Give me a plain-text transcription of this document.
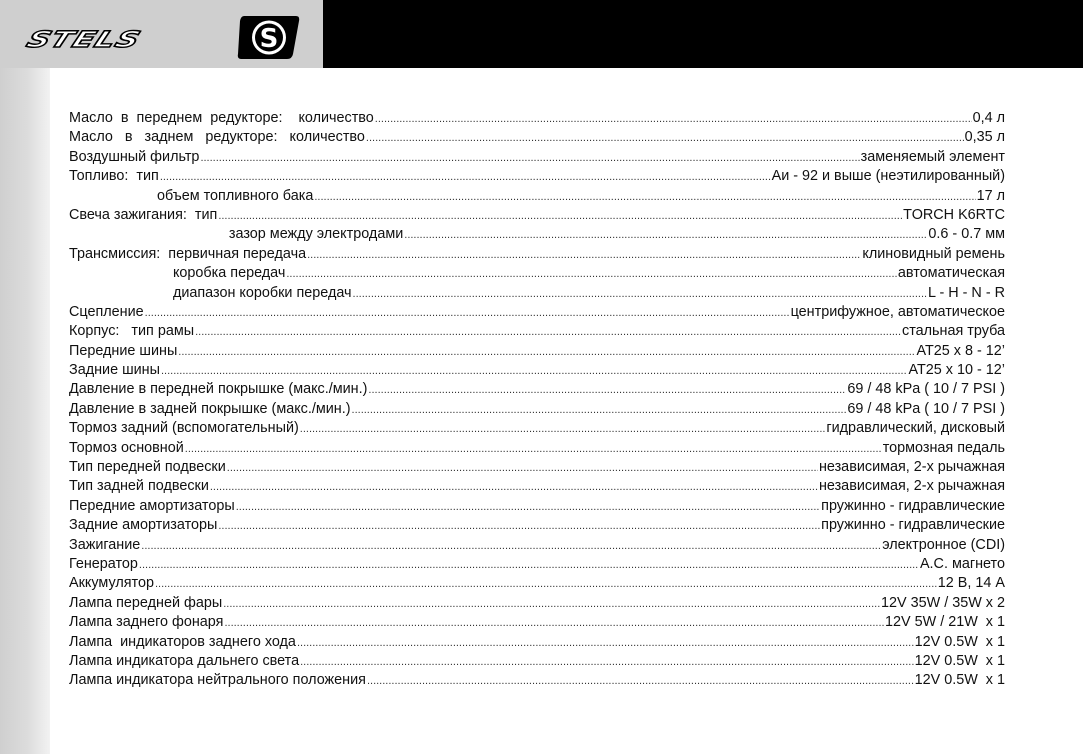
STELS	S
Масло  в  переднем  редукторе:    количество .....	0,4 л
Масло   в   заднем   редукторе:   количество .....	0,35 л
Воздушный фильтр .....	заменяемый элемент
Топливо:  тип .....	Аи - 92 и выше (неэтилированный)
объем топливного бака .....	17 л
Свеча зажигания:  тип .....	TORCH K6RTC
зазор между электродами .....	0.6 - 0.7 мм
Трансмиссия:  первичная передача .....	клиновидный ремень
коробка передач .....	автоматическая
диапазон коробки передач .....	L - H - N - R
Сцепление .....	центрифужное, автоматическое
Корпус:   тип рамы .....	стальная труба
Передние шины .....	AT25 x 8 - 12’
Задние шины .....	AT25 x 10 - 12’
Давление в передней покрышке (макс./мин.) .....	69 / 48 kPa ( 10 / 7 PSI )
Давление в задней покрышке (макс./мин.) .....	69 / 48 kPa ( 10 / 7 PSI )
Тормоз задний (вспомогательный) .....	гидравлический, дисковый
Тормоз основной .....	тормозная педаль
Тип передней подвески .....	независимая, 2-х рычажная
Тип задней подвески .....	независимая, 2-х рычажная
Передние амортизаторы .....	пружинно - гидравлические
Задние амортизаторы .....	пружинно - гидравлические
Зажигание .....	электронное (CDI)
Генератор .....	A.C. магнето
Аккумулятор .....	12 В, 14 А
Лампа передней фары .....	12V 35W / 35W x 2
Лампа заднего фонаря .....	12V 5W / 21W  x 1
Лампа  индикаторов заднего хода .....	12V 0.5W  x 1
Лампа индикатора дальнего света .....	12V 0.5W  x 1
Лампа индикатора нейтрального положения .....	12V 0.5W  x 1
